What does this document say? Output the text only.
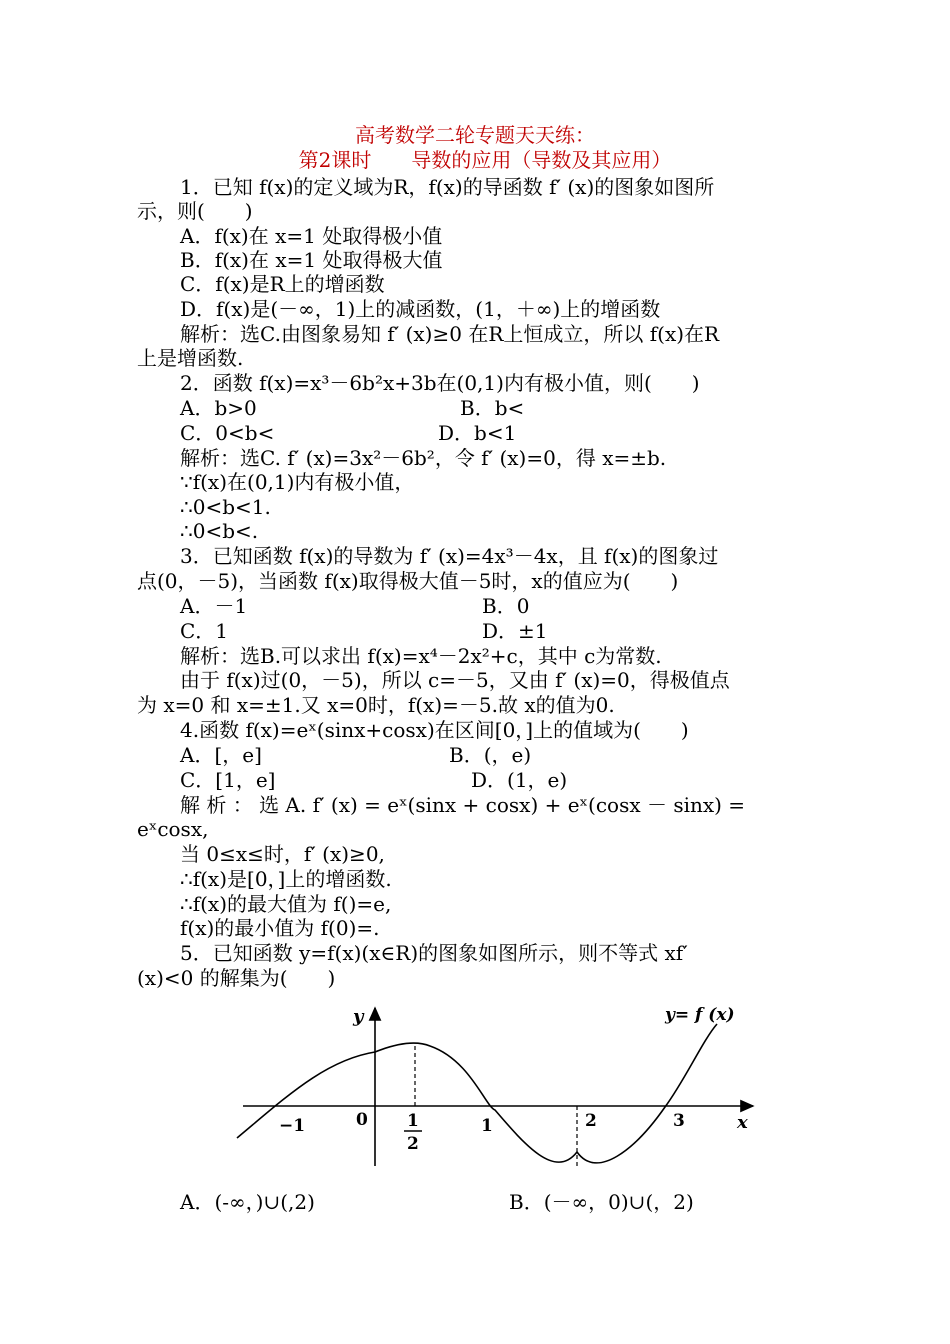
高考数学二轮专题天天练：
第2课时　　导数的应用（导数及其应用）
1．已知 f(x)的定义域为R，f(x)的导函数 f′ (x)的图象如图所
示，则(　　)
A．f(x)在 x=1 处取得极小值
B．f(x)在 x=1 处取得极大值
C．f(x)是R上的增函数
D．f(x)是(－∞，1)上的减函数，(1，＋∞)上的增函数
解析：选C.由图象易知 f′ (x)≥0 在R上恒成立，所以 f(x)在R
上是增函数.
2．函数 f(x)=x³－6b²x+3b在(0,1)内有极小值，则(　　)
A．b>0	B．b<
C．0<b<	D．b<1
解析：选C. f′ (x)=3x²－6b²，令 f′ (x)=0，得 x=±b.
∵f(x)在(0,1)内有极小值，
∴0<b<1.
∴0<b<.
3．已知函数 f(x)的导数为 f′ (x)=4x³－4x，且 f(x)的图象过
点(0，－5)，当函数 f(x)取得极大值－5时，x的值应为(　　)
A．－1	B．0
C．1	D．±1
解析：选B.可以求出 f(x)=x⁴－2x²+c，其中 c为常数.
由于 f(x)过(0，－5)，所以 c=－5，又由 f′ (x)=0，得极值点
为 x=0 和 x=±1.又 x=0时，f(x)=－5.故 x的值为0.
4.函数 f(x)=eˣ(sinx+cosx)在区间[0，]上的值域为(　　)
A．[，e]	B．(，e)
C．[1，e]	D．(1，e)
解 析 ： 选 A. f′ (x) = eˣ(sinx + cosx) + eˣ(cosx － sinx) =
eˣcosx,
当 0≤x≤时，f′ (x)≥0,
∴f(x)是[0，]上的增函数.
∴f(x)的最大值为 f()=e,
f(x)的最小值为 f(0)=.
5．已知函数 y=f(x)(x∈R)的图象如图所示，则不等式 xf′
(x)<0 的解集为(　　)
y
x
y= f (x)
0
−1	1
2
1	2	3
A．(-∞，)∪(,2)	B．(－∞，0)∪(，2)
